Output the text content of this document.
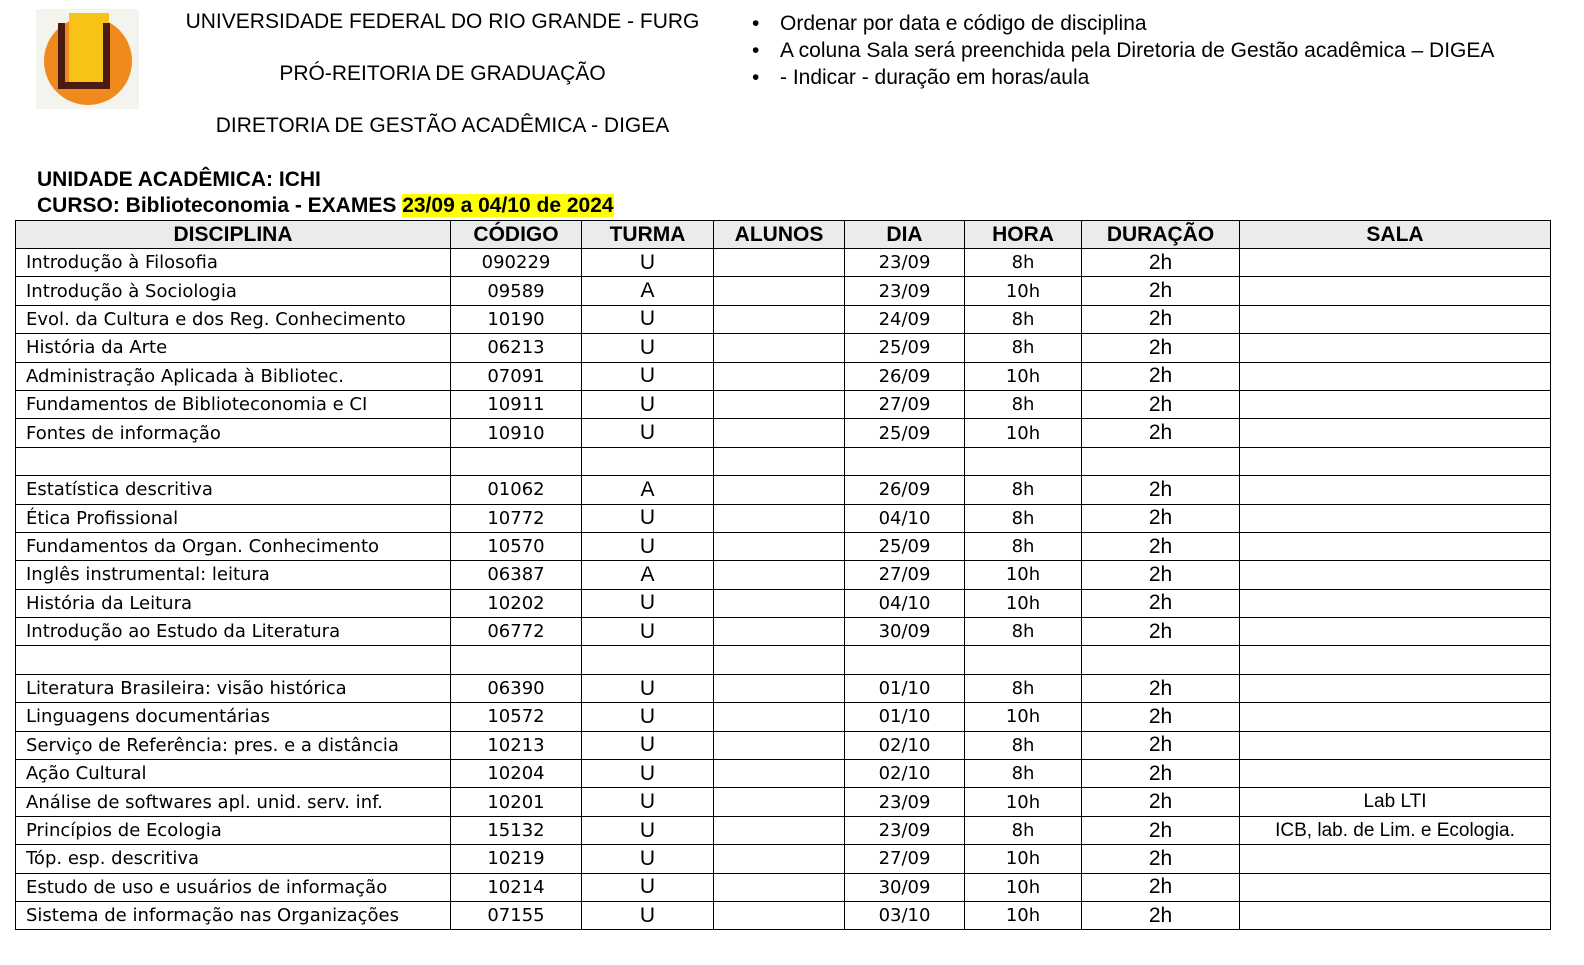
UNIVERSIDADE FEDERAL DO RIO GRANDE - FURG
PRÓ-REITORIA DE GRADUAÇÃO
DIRETORIA DE GESTÃO ACADÊMICA - DIGEA
• Ordenar por data e código de disciplina
• A coluna Sala será preenchida pela Diretoria de Gestão acadêmica – DIGEA
• - Indicar - duração em horas/aula
UNIDADE ACADÊMICA: ICHI
CURSO: Biblioteconomia - EXAMES 23/09 a 04/10 de 2024
DISCIPLINA	CÓDIGO	TURMA	ALUNOS	DIA	HORA	DURAÇÃO	SALA
Introdução à Filosofia	090229	U		23/09	8h	2h	
Introdução à Sociologia	09589	A		23/09	10h	2h	
Evol. da Cultura e dos Reg. Conhecimento	10190	U		24/09	8h	2h	
História da Arte	06213	U		25/09	8h	2h	
Administração Aplicada à Bibliotec.	07091	U		26/09	10h	2h	
Fundamentos de Biblioteconomia e CI	10911	U		27/09	8h	2h	
Fontes de informação	10910	U		25/09	10h	2h	

Estatística descritiva	01062	A		26/09	8h	2h	
Ética Profissional	10772	U		04/10	8h	2h	
Fundamentos da Organ. Conhecimento	10570	U		25/09	8h	2h	
Inglês instrumental: leitura	06387	A		27/09	10h	2h	
História da Leitura	10202	U		04/10	10h	2h	
Introdução ao Estudo da Literatura	06772	U		30/09	8h	2h	

Literatura Brasileira: visão histórica	06390	U		01/10	8h	2h	
Linguagens documentárias	10572	U		01/10	10h	2h	
Serviço de Referência: pres. e a distância	10213	U		02/10	8h	2h	
Ação Cultural	10204	U		02/10	8h	2h	
Análise de softwares apl. unid. serv. inf.	10201	U		23/09	10h	2h	Lab LTI
Princípios de Ecologia	15132	U		23/09	8h	2h	ICB, lab. de Lim. e Ecologia.
Tóp. esp. descritiva	10219	U		27/09	10h	2h	
Estudo de uso e usuários de informação	10214	U		30/09	10h	2h	
Sistema de informação nas Organizações	07155	U		03/10	10h	2h	
